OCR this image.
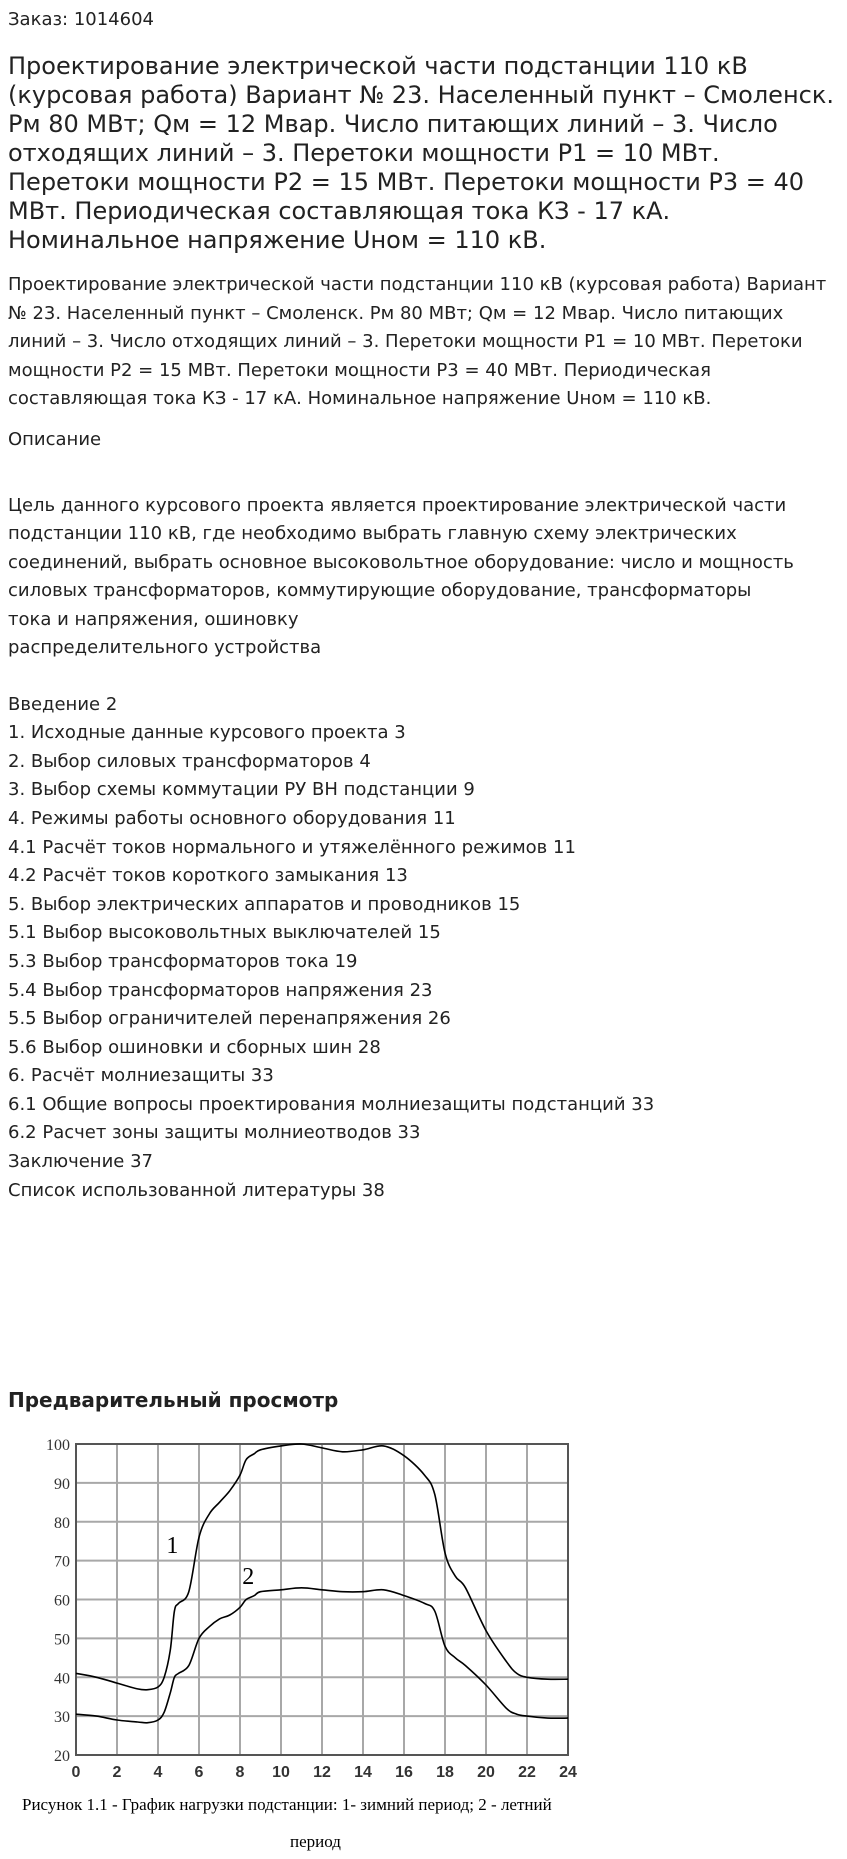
Заказ: 1014604
Проектирование электрической части подстанции 110 кВ (курсовая работа) Вариант № 23. Населенный пункт – Смоленск. Рм 80 МВт; Qм = 12 Мвар. Число питающих линий – 3. Число отходящих линий – 3. Перетоки мощности Р1 = 10 МВт. Перетоки мощности Р2 = 15 МВт. Перетоки мощности Р3 = 40 МВт. Периодическая составляющая тока КЗ - 17 кА. Номинальное напряжение Uном = 110 кВ.
Проектирование электрической части подстанции 110 кВ (курсовая работа) Вариант № 23. Населенный пункт – Смоленск. Рм 80 МВт; Qм = 12 Мвар. Число питающих линий – 3. Число отходящих линий – 3. Перетоки мощности Р1 = 10 МВт. Перетоки мощности Р2 = 15 МВт. Перетоки мощности Р3 = 40 МВт. Периодическая составляющая тока КЗ - 17 кА. Номинальное напряжение Uном = 110 кВ.
Описание
Цель данного курсового проекта является проектирование электрической части
подстанции 110 кВ, где необходимо выбрать главную схему электрических
соединений, выбрать основное высоковольтное оборудование: число и мощность
силовых трансформаторов, коммутирующие оборудование, трансформаторы
тока и напряжения, ошиновку
распределительного устройства
Введение 2
1. Исходные данные курсового проекта 3
2. Выбор силовых трансформаторов 4
3. Выбор схемы коммутации РУ ВН подстанции 9
4. Режимы работы основного оборудования 11
4.1 Расчёт токов нормального и утяжелённого режимов 11
4.2 Расчёт токов короткого замыкания 13
5. Выбор электрических аппаратов и проводников 15
5.1 Выбор высоковольтных выключателей 15
5.3 Выбор трансформаторов тока 19
5.4 Выбор трансформаторов напряжения 23
5.5 Выбор ограничителей перенапряжения 26
5.6 Выбор ошиновки и сборных шин 28
6. Расчёт молниезащиты 33
6.1 Общие вопросы проектирования молниезащиты подстанций 33
6.2 Расчет зоны защиты молниеотводов 33
Заключение 37
Список использованной литературы 38
Предварительный просмотр
0 2 4 6 8 10 12 14 16 18 20 22 24
20
30
40
50
60
70
80
90
100
1
2
Рисунок 1.1 - График нагрузки подстанции: 1- зимний период; 2 - летний
период
